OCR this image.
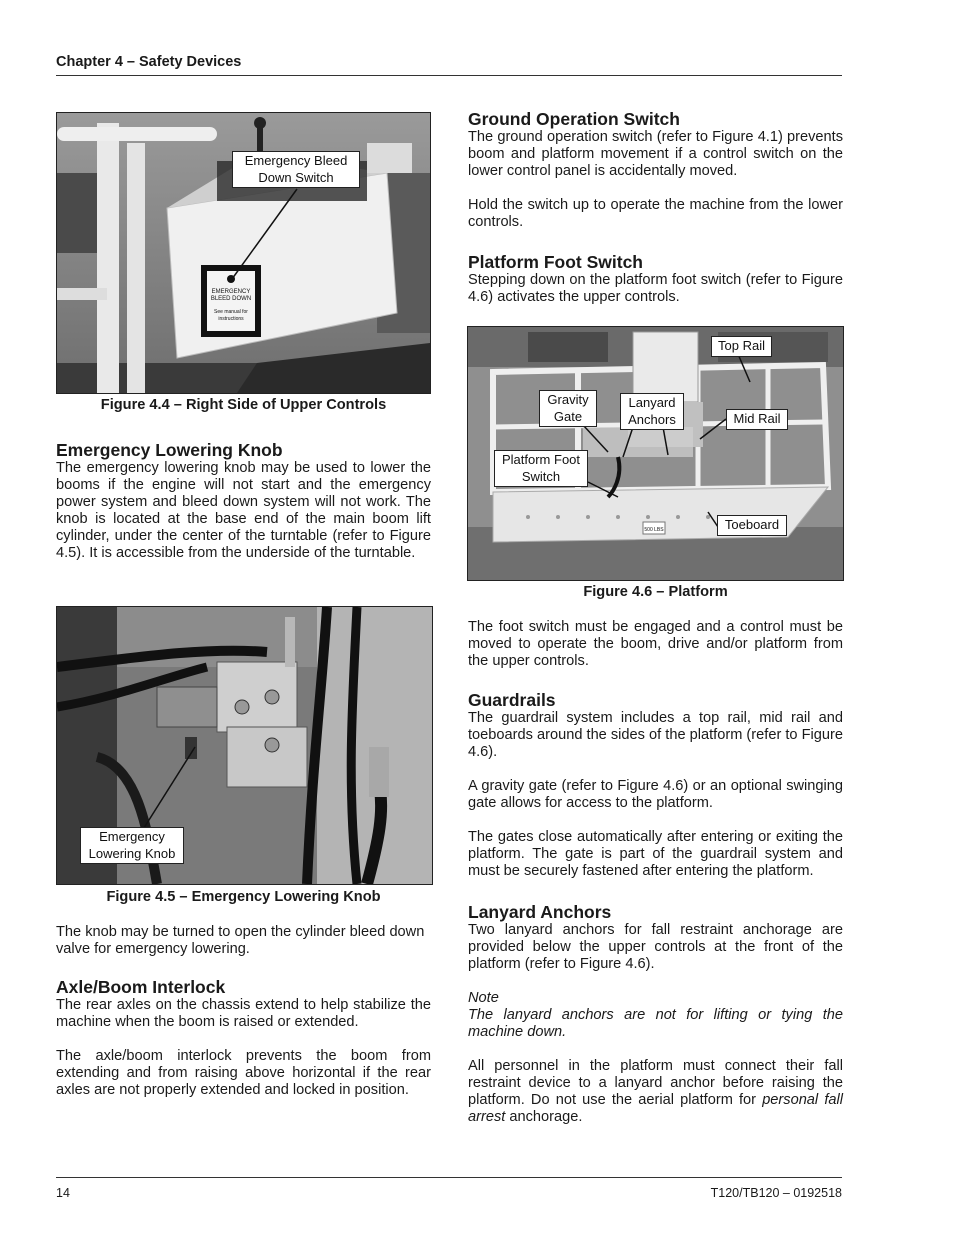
Chapter 4 – Safety Devices
EMERGENCY
BLEED DOWN
See manual for
instructions
Emergency Bleed
Down Switch
Figure 4.4 – Right Side of Upper Controls
Emergency Lowering Knob

The emergency lowering knob may be used to lower the booms if the engine will not start and the emergency power system and bleed down system will not work. The knob is located at the base end of the main boom lift cylinder, under the center of the turntable (refer to Figure 4.5). It is accessible from the underside of the turntable.

Emergency
Lowering Knob
Figure 4.5 – Emergency Lowering Knob

The knob may be turned to open the cylinder bleed down valve for emergency lowering.

Axle/Boom Interlock

The rear axles on the chassis extend to help stabilize the machine when the boom is raised or extended.

The axle/boom interlock prevents the boom from extending and from raising above horizontal if the rear axles are not properly extended and locked in position.

Ground Operation Switch

The ground operation switch (refer to Figure 4.1) prevents boom and platform movement if a control switch on the lower control panel is accidentally moved.

Hold the switch up to operate the machine from the lower controls.

Platform Foot Switch

Stepping down on the platform foot switch (refer to Figure 4.6) activates the upper controls.

500 LBS
Top Rail
Gravity
Gate
Lanyard
Anchors	Mid Rail
Platform Foot
Switch
Toeboard
Figure 4.6 – Platform

The foot switch must be engaged and a control must be moved to operate the boom, drive and/or platform from the upper controls.

Guardrails

The guardrail system includes a top rail, mid rail and toeboards around the sides of the platform (refer to Figure 4.6).

A gravity gate (refer to Figure 4.6) or an optional swinging gate allows for access to the platform.

The gates close automatically after entering or exiting the platform. The gate is part of the guardrail system and must be securely fastened after entering the platform.

Lanyard Anchors

Two lanyard anchors for fall restraint anchorage are provided below the upper controls at the front of the platform (refer to Figure 4.6).

Note

The lanyard anchors are not for lifting or tying the machine down.

All personnel in the platform must connect their fall restraint device to a lanyard anchor before raising the platform. Do not use the aerial platform for personal fall arrest anchorage.

14	T120/TB120 – 0192518
